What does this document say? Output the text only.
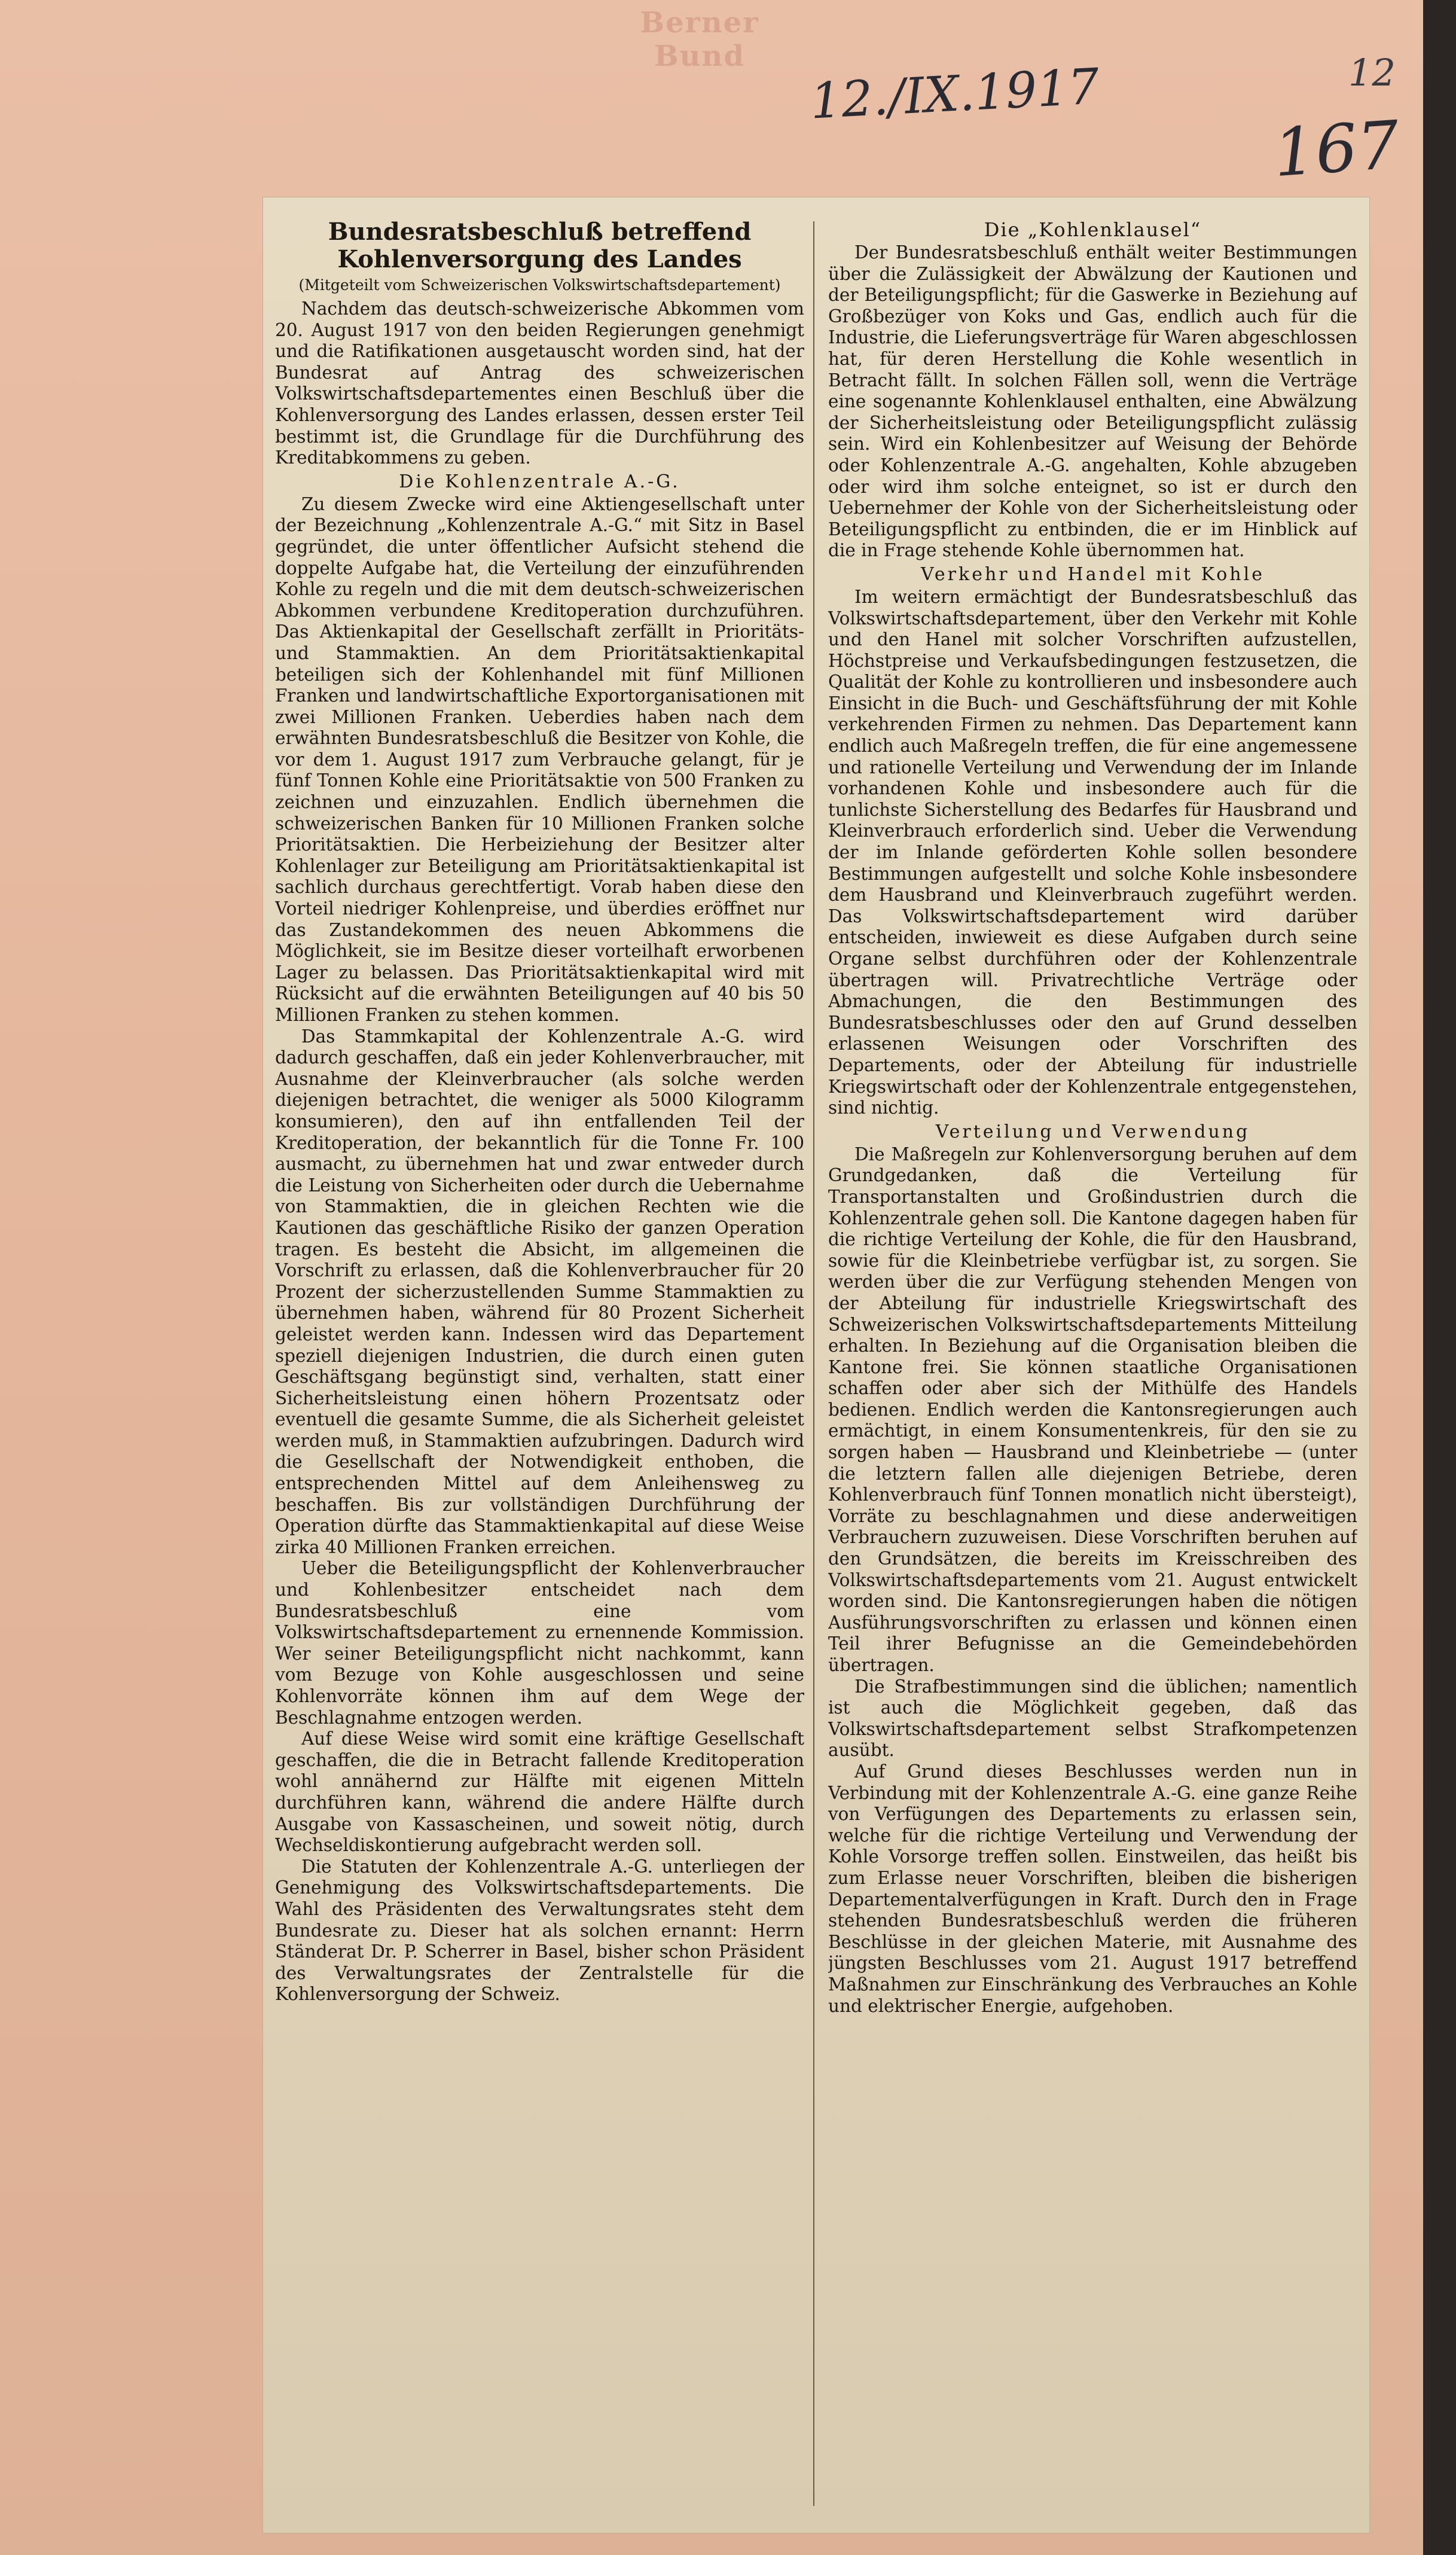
Berner Bund
12./IX.1917
167
12
Bundesratsbeschluß betreffend Kohlenversorgung des Landes
(Mitgeteilt vom Schweizerischen Volkswirtschaftsdepartement)

Nachdem das deutsch-schweizerische Abkommen vom 20. August 1917 von den beiden Regierungen genehmigt und die Ratifikationen ausgetauscht worden sind, hat der Bundesrat auf Antrag des schweizerischen Volkswirtschaftsdepartementes einen Beschluß über die Kohlenversorgung des Landes erlassen, dessen erster Teil bestimmt ist, die Grundlage für die Durchführung des Kreditabkommens zu geben.

Die Kohlenzentrale A.-G.

Zu diesem Zwecke wird eine Aktiengesellschaft unter der Bezeichnung „Kohlenzentrale A.-G.“ mit Sitz in Basel gegründet, die unter öffentlicher Aufsicht stehend die doppelte Aufgabe hat, die Verteilung der einzuführenden Kohle zu regeln und die mit dem deutsch-schweizerischen Abkommen verbundene Kreditoperation durchzuführen. Das Aktienkapital der Gesellschaft zerfällt in Prioritäts- und Stammaktien. An dem Prioritätsaktienkapital beteiligen sich der Kohlenhandel mit fünf Millionen Franken und landwirtschaftliche Exportorganisationen mit zwei Millionen Franken. Ueberdies haben nach dem erwähnten Bundesratsbeschluß die Besitzer von Kohle, die vor dem 1. August 1917 zum Verbrauche gelangt, für je fünf Tonnen Kohle eine Prioritätsaktie von 500 Franken zu zeichnen und einzuzahlen. Endlich übernehmen die schweizerischen Banken für 10 Millionen Franken solche Prioritätsaktien. Die Herbeiziehung der Besitzer alter Kohlenlager zur Beteiligung am Prioritätsaktienkapital ist sachlich durchaus gerechtfertigt. Vorab haben diese den Vorteil niedriger Kohlenpreise, und überdies eröffnet nur das Zustandekommen des neuen Abkommens die Möglichkeit, sie im Besitze dieser vorteilhaft erworbenen Lager zu belassen. Das Prioritätsaktienkapital wird mit Rücksicht auf die erwähnten Beteiligungen auf 40 bis 50 Millionen Franken zu stehen kommen.

Das Stammkapital der Kohlenzentrale A.-G. wird dadurch geschaffen, daß ein jeder Kohlenverbraucher, mit Ausnahme der Kleinverbraucher (als solche werden diejenigen betrachtet, die weniger als 5000 Kilogramm konsumieren), den auf ihn entfallenden Teil der Kreditoperation, der bekanntlich für die Tonne Fr. 100 ausmacht, zu übernehmen hat und zwar entweder durch die Leistung von Sicherheiten oder durch die Uebernahme von Stammaktien, die in gleichen Rechten wie die Kautionen das geschäftliche Risiko der ganzen Operation tragen. Es besteht die Absicht, im allgemeinen die Vorschrift zu erlassen, daß die Kohlenverbraucher für 20 Prozent der sicherzustellenden Summe Stammaktien zu übernehmen haben, während für 80 Prozent Sicherheit geleistet werden kann. Indessen wird das Departement speziell diejenigen Industrien, die durch einen guten Geschäftsgang begünstigt sind, verhalten, statt einer Sicherheitsleistung einen höhern Prozentsatz oder eventuell die gesamte Summe, die als Sicherheit geleistet werden muß, in Stammaktien aufzubringen. Dadurch wird die Gesellschaft der Notwendigkeit enthoben, die entsprechenden Mittel auf dem Anleihensweg zu beschaffen. Bis zur vollständigen Durchführung der Operation dürfte das Stammaktienkapital auf diese Weise zirka 40 Millionen Franken erreichen.

Ueber die Beteiligungspflicht der Kohlenverbraucher und Kohlenbesitzer entscheidet nach dem Bundesratsbeschluß eine vom Volkswirtschaftsdepartement zu ernennende Kommission. Wer seiner Beteiligungspflicht nicht nachkommt, kann vom Bezuge von Kohle ausgeschlossen und seine Kohlenvorräte können ihm auf dem Wege der Beschlagnahme entzogen werden.

Auf diese Weise wird somit eine kräftige Gesellschaft geschaffen, die die in Betracht fallende Kreditoperation wohl annähernd zur Hälfte mit eigenen Mitteln durchführen kann, während die andere Hälfte durch Ausgabe von Kassascheinen, und soweit nötig, durch Wechseldiskontierung aufgebracht werden soll.

Die Statuten der Kohlenzentrale A.-G. unterliegen der Genehmigung des Volkswirtschaftsdepartements. Die Wahl des Präsidenten des Verwaltungsrates steht dem Bundesrate zu. Dieser hat als solchen ernannt: Herrn Ständerat Dr. P. Scherrer in Basel, bisher schon Präsident des Verwaltungsrates der Zentralstelle für die Kohlenversorgung der Schweiz.

Die „Kohlenklausel“

Der Bundesratsbeschluß enthält weiter Bestimmungen über die Zulässigkeit der Abwälzung der Kautionen und der Beteiligungspflicht; für die Gaswerke in Beziehung auf Großbezüger von Koks und Gas, endlich auch für die Industrie, die Lieferungsverträge für Waren abgeschlossen hat, für deren Herstellung die Kohle wesentlich in Betracht fällt. In solchen Fällen soll, wenn die Verträge eine sogenannte Kohlenklausel enthalten, eine Abwälzung der Sicherheitsleistung oder Beteiligungspflicht zulässig sein. Wird ein Kohlenbesitzer auf Weisung der Behörde oder Kohlenzentrale A.-G. angehalten, Kohle abzugeben oder wird ihm solche enteignet, so ist er durch den Uebernehmer der Kohle von der Sicherheitsleistung oder Beteiligungspflicht zu entbinden, die er im Hinblick auf die in Frage stehende Kohle übernommen hat.

Verkehr und Handel mit Kohle

Im weitern ermächtigt der Bundesratsbeschluß das Volkswirtschaftsdepartement, über den Verkehr mit Kohle und den Hanel mit solcher Vorschriften aufzustellen, Höchstpreise und Verkaufsbedingungen festzusetzen, die Qualität der Kohle zu kontrollieren und insbesondere auch Einsicht in die Buch- und Geschäftsführung der mit Kohle verkehrenden Firmen zu nehmen. Das Departement kann endlich auch Maßregeln treffen, die für eine angemessene und rationelle Verteilung und Verwendung der im Inlande vorhandenen Kohle und insbesondere auch für die tunlichste Sicherstellung des Bedarfes für Hausbrand und Kleinverbrauch erforderlich sind. Ueber die Verwendung der im Inlande geförderten Kohle sollen besondere Bestimmungen aufgestellt und solche Kohle insbesondere dem Hausbrand und Kleinverbrauch zugeführt werden. Das Volkswirtschaftsdepartement wird darüber entscheiden, inwieweit es diese Aufgaben durch seine Organe selbst durchführen oder der Kohlenzentrale übertragen will. Privatrechtliche Verträge oder Abmachungen, die den Bestimmungen des Bundesratsbeschlusses oder den auf Grund desselben erlassenen Weisungen oder Vorschriften des Departements, oder der Abteilung für industrielle Kriegswirtschaft oder der Kohlenzentrale entgegenstehen, sind nichtig.

Verteilung und Verwendung

Die Maßregeln zur Kohlenversorgung beruhen auf dem Grundgedanken, daß die Verteilung für Transportanstalten und Großindustrien durch die Kohlenzentrale gehen soll. Die Kantone dagegen haben für die richtige Verteilung der Kohle, die für den Hausbrand, sowie für die Kleinbetriebe verfügbar ist, zu sorgen. Sie werden über die zur Verfügung stehenden Mengen von der Abteilung für industrielle Kriegswirtschaft des Schweizerischen Volkswirtschaftsdepartements Mitteilung erhalten. In Beziehung auf die Organisation bleiben die Kantone frei. Sie können staatliche Organisationen schaffen oder aber sich der Mithülfe des Handels bedienen. Endlich werden die Kantonsregierungen auch ermächtigt, in einem Konsumentenkreis, für den sie zu sorgen haben — Hausbrand und Kleinbetriebe — (unter die letztern fallen alle diejenigen Betriebe, deren Kohlenverbrauch fünf Tonnen monatlich nicht übersteigt), Vorräte zu beschlagnahmen und diese anderweitigen Verbrauchern zuzuweisen. Diese Vorschriften beruhen auf den Grundsätzen, die bereits im Kreisschreiben des Volkswirtschaftsdepartements vom 21. August entwickelt worden sind. Die Kantonsregierungen haben die nötigen Ausführungsvorschriften zu erlassen und können einen Teil ihrer Befugnisse an die Gemeindebehörden übertragen.

Die Strafbestimmungen sind die üblichen; namentlich ist auch die Möglichkeit gegeben, daß das Volkswirtschaftsdepartement selbst Strafkompetenzen ausübt.

Auf Grund dieses Beschlusses werden nun in Verbindung mit der Kohlenzentrale A.-G. eine ganze Reihe von Verfügungen des Departements zu erlassen sein, welche für die richtige Verteilung und Verwendung der Kohle Vorsorge treffen sollen. Einstweilen, das heißt bis zum Erlasse neuer Vorschriften, bleiben die bisherigen Departementalverfügungen in Kraft. Durch den in Frage stehenden Bundesratsbeschluß werden die früheren Beschlüsse in der gleichen Materie, mit Ausnahme des jüngsten Beschlusses vom 21. August 1917 betreffend Maßnahmen zur Einschränkung des Verbrauches an Kohle und elektrischer Energie, aufgehoben.
